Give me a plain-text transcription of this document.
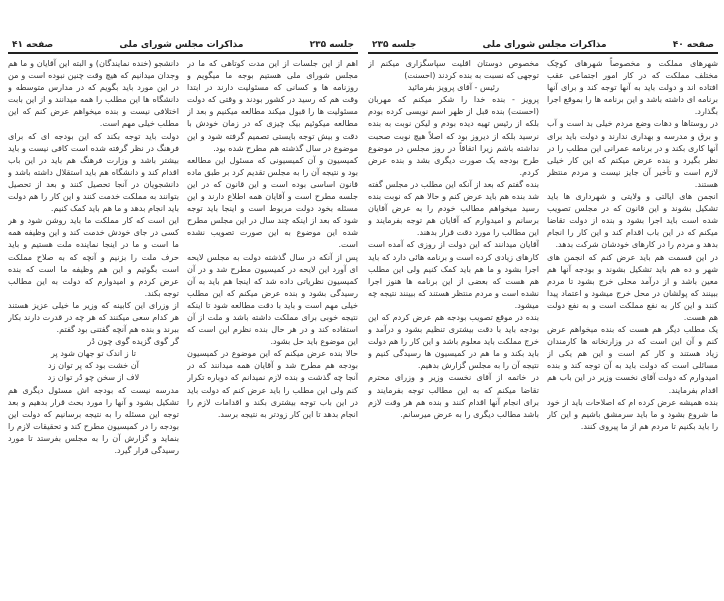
صفحه ۴۱	مذاکرات مجلس شورای ملی	جلسه ۲۳۵

اهم از این جلسات از این مدت کوتاهی که ما در مجلس شورای ملی هستیم بوجه ما میگویم و روزنامه ها و کسانی که مسئولیت دارند در ابتدا وقت هم که رسید در کشور بودند و وقتی که دولت مسئولیت ها را قبول میکند مطالعه میکنیم و بعد از مطالعه میکوئیم بیک چیزی که در زمان خودش با دقت و بیش توجه بایستی تصمیم گرفته شود و این موضوع در سال گذشته هم مطرح شده بود.

کمیسیون و آن کمیسیونی که مسئول این مطالعه بود و نتیجه آن را به مجلس تقدیم کرد بر طبق ماده قانون اساسی بوده است و این قانون که در این جلسه مطرح است و آقایان همه اطلاع دارند و این مسئله بخود دولت مربوط است و اینجا باید توجه شود که بعد از اینکه چند سال در این مجلس مطرح شده این موضوع به این صورت تصویب نشده است.

پس از آنکه در سال گذشته دولت به مجلس لایحه ای آورد این لایحه در کمیسیون مطرح شد و در آن کمیسیون نظریاتی داده شد که اینجا هم باید به آن رسیدگی بشود و بنده عرض میکنم که این مطلب خیلی مهم است و باید با دقت مطالعه شود تا اینکه نتیجه خوبی برای مملکت داشته باشد و ملت از آن استفاده کند و در هر حال بنده نظرم این است که این موضوع باید حل بشود.

حالا بنده عرض میکنم که این موضوع در کمیسیون بودجه هم مطرح شد و آقایان همه میدانند که در آنجا چه گذشت و بنده لازم نمیدانم که دوباره تکرار کنم ولی این مطلب را باید عرض کنم که دولت باید در این باب توجه بیشتری بکند و اقدامات لازم را انجام بدهد تا این کار زودتر به نتیجه برسد.

دانشجو (خنده نمایندگان) و البته این آقایان و ما هم وجدان میدانیم که هیچ وقت چنین نبوده است و من در این مورد باید بگویم که در مدارس متوسطه و دانشگاه ها این مطلب را همه میدانند و از این بابت اختلافی نیست و بنده میخواهم عرض کنم که این مطلب خیلی مهم است.

دولت باید توجه بکند که این بودجه ای که برای فرهنگ در نظر گرفته شده است کافی نیست و باید بیشتر باشد و وزارت فرهنگ هم باید در این باب اقدام کند و دانشگاه هم باید استقلال داشته باشد و دانشجویان در آنجا تحصیل کنند و بعد از تحصیل بتوانند به مملکت خدمت کنند و این کار را هم دولت باید انجام بدهد و ما هم باید کمک کنیم.

این است که کار مملکت ما باید روشن شود و هر کسی در جای خودش خدمت کند و این وظیفه همه ما است و ما در اینجا نماینده ملت هستیم و باید حرف ملت را بزنیم و آنچه که به صلاح مملکت است بگوئیم و این هم وظیفه ما است که بنده عرض کردم و امیدوارم که دولت به این مطالب توجه بکند.

از وزرای این کابینه که وزیر ما خیلی عزیز هستند هر کدام سعی میکنند که هر چه در قدرت دارند بکار ببرند و بنده هم آنچه گفتنی بود گفتم.

گر گوی گزیده گوی چون دُر

تا ز اندک تو جهان شود پر

آن خشت بود که پر توان زد

لاف از سخن چو دُر توان زد

مدرسه نیست که بودجه اش مسئول دیگری هم تشکیل بشود و آنها را مورد بحث قرار بدهیم و بعد توجه این مسئله را به نتیجه برسانیم که دولت این بودجه را در کمیسیون مطرح کند و تحقیقات لازم را بنماید و گزارش آن را به مجلس بفرستد تا مورد رسیدگی قرار گیرد.

جلسه ۲۳۵	مذاکرات مجلس شورای ملی	صفحه ۴۰

شهرهای مملکت و مخصوصاً شهرهای کوچک مختلف مملکت که در کار امور اجتماعی عقب افتاده اند و دولت باید به آنها توجه کند و برای آنها برنامه ای داشته باشد و این برنامه ها را بموقع اجرا بگذارد.

در روستاها و دهات وضع مردم خیلی بد است و آب و برق و مدرسه و بهداری ندارند و دولت باید برای آنها کاری بکند و در برنامه عمرانی این مطلب را در نظر بگیرد و بنده عرض میکنم که این کار خیلی لازم است و تأخیر آن جایز نیست و مردم منتظر هستند.

انجمن های ایالتی و ولایتی و شهرداری ها باید تشکیل بشوند و این قانون که در مجلس تصویب شده است باید اجرا بشود و بنده از دولت تقاضا میکنم که در این باب اقدام کند و این کار را انجام بدهد و مردم را در کارهای خودشان شرکت بدهد.

در این قسمت هم باید عرض کنم که انجمن های شهر و ده هم باید تشکیل بشوند و بودجه آنها هم معین باشد و از درآمد محلی خرج بشود تا مردم ببینند که پولشان در محل خرج میشود و اعتماد پیدا کنند و این کار به نفع مملکت است و به نفع دولت هم هست.

یک مطلب دیگر هم هست که بنده میخواهم عرض کنم و آن این است که در وزارتخانه ها کارمندان زیاد هستند و کار کم است و این هم یکی از مسائلی است که دولت باید به آن توجه کند و بنده امیدوارم که دولت آقای نخست وزیر در این باب هم اقدام بفرمایند.

بنده همیشه عرض کرده ام که اصلاحات باید از خود ما شروع بشود و ما باید سرمشق باشیم و این کار را باید بکنیم تا مردم هم از ما پیروی کنند.

مخصوص دوستان اقلیت سپاسگزاری میکنم از توجهی که نسبت به بنده کردند (احسنت)

رئیس - آقای پرویز بفرمائید

پرویز - بنده خدا را شکر میکنم که مهربان (احسنت) بنده قبل از ظهر اسم نویسی کرده بودم بلکه از رئیس تهیه دیده بودم و لیکن نوبت به بنده نرسید بلکه از دیروز بود که اصلاً هیچ نوبت صحبت نداشته باشم زیرا اتفاقاً در روز مجلس در موضوع طرح بودجه یک صورت دیگری بشد و بنده عرض کردم.

بنده گفتم که بعد از آنکه این مطلب در مجلس گفته شد بنده هم باید عرض کنم و حالا هم که نوبت بنده رسید میخواهم مطالب خودم را به عرض آقایان برسانم و امیدوارم که آقایان هم توجه بفرمایند و این مطالب را مورد دقت قرار بدهند.

آقایان میدانند که این دولت از روزی که آمده است کارهای زیادی کرده است و برنامه هائی دارد که باید اجرا بشود و ما هم باید کمک کنیم ولی این مطلب هم هست که بعضی از این برنامه ها هنوز اجرا نشده است و مردم منتظر هستند که ببینند نتیجه چه میشود.

بنده در موقع تصویب بودجه هم عرض کردم که این بودجه باید با دقت بیشتری تنظیم بشود و درآمد و خرج مملکت باید معلوم باشد و این کار را هم دولت باید بکند و ما هم در کمیسیون ها رسیدگی کنیم و نتیجه آن را به مجلس گزارش بدهیم.

در خاتمه از آقای نخست وزیر و وزرای محترم تقاضا میکنم که به این مطالب توجه بفرمایند و برای انجام آنها اقدام کنند و بنده هم هر وقت لازم باشد مطالب دیگری را به عرض میرسانم.
